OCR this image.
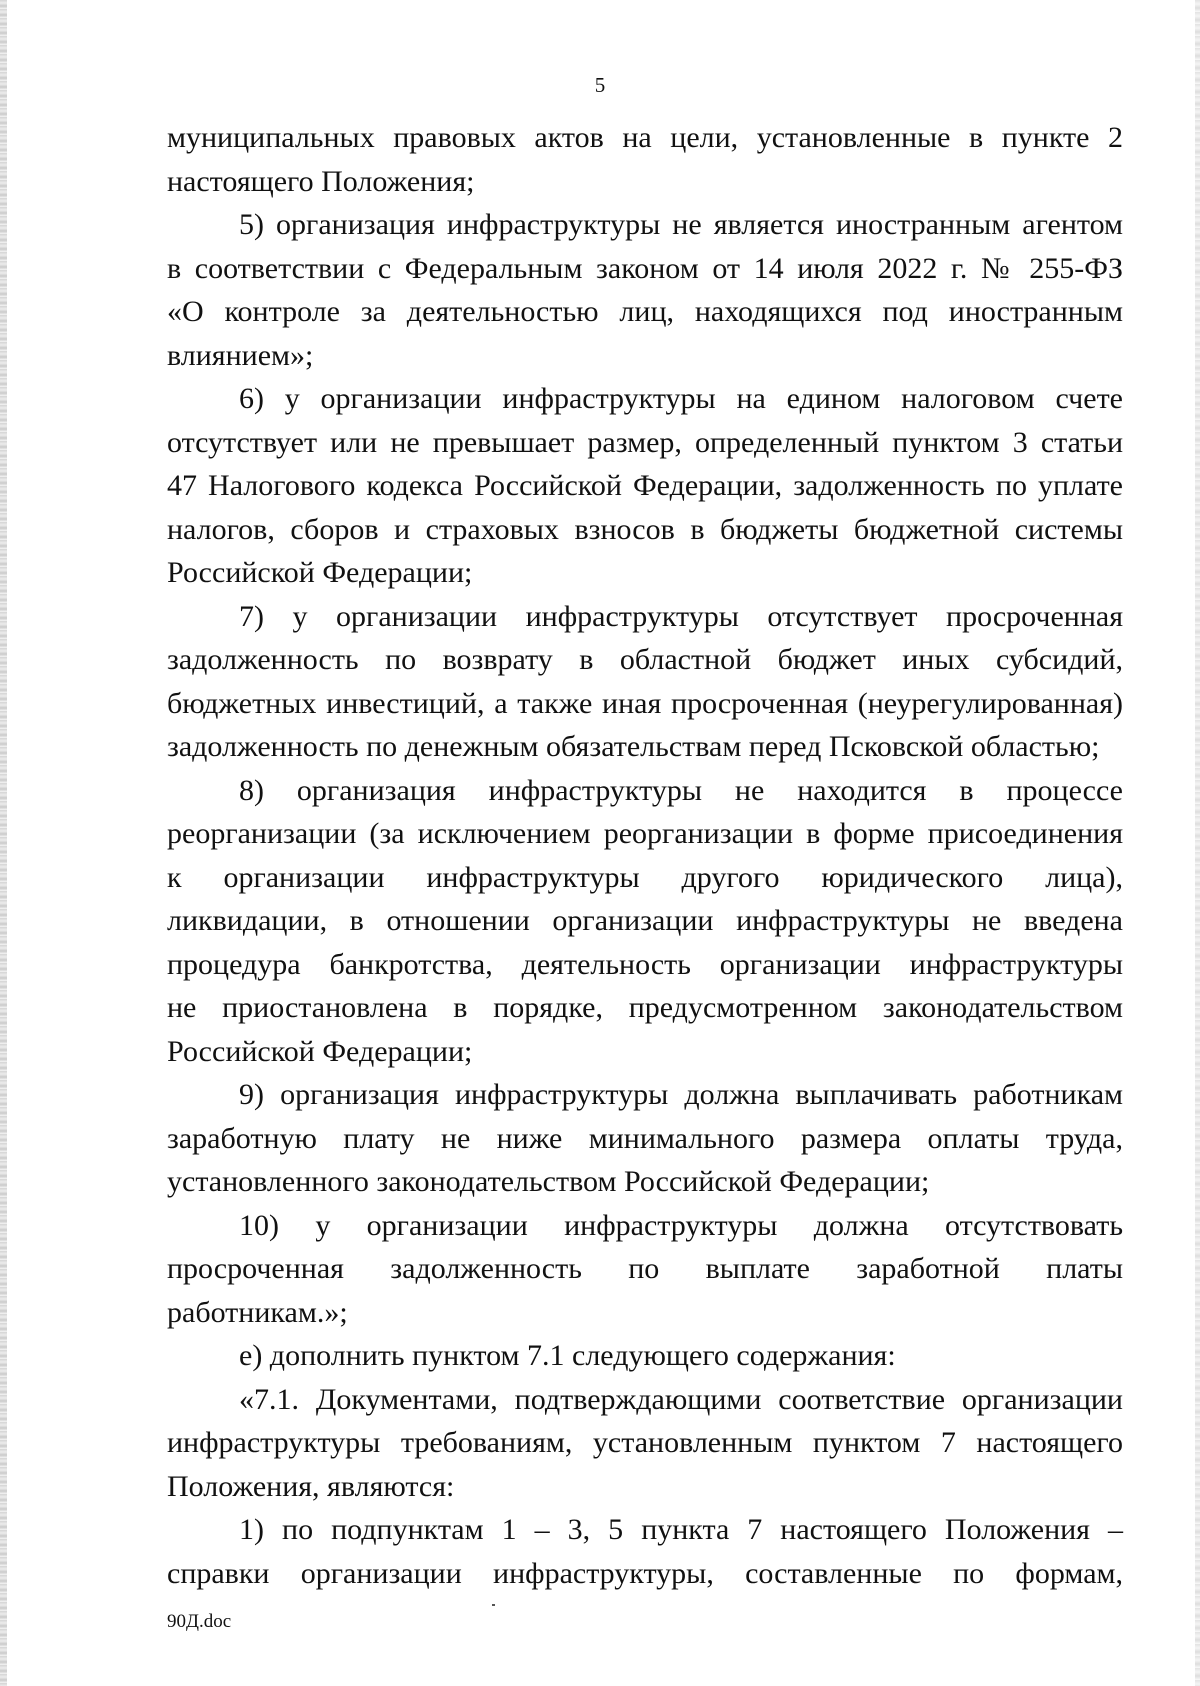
5

муниципальных правовых актов на цели, установленные в пункте 2
настоящего Положения;

5) организация инфраструктуры не является иностранным агентом
в соответствии с Федеральным законом от 14 июля 2022 г. № 255-ФЗ
«О контроле за деятельностью лиц, находящихся под иностранным
влиянием»;

6) у организации инфраструктуры на едином налоговом счете
отсутствует или не превышает размер, определенный пунктом 3 статьи
47 Налогового кодекса Российской Федерации, задолженность по уплате
налогов, сборов и страховых взносов в бюджеты бюджетной системы
Российской Федерации;

7) у организации инфраструктуры отсутствует просроченная
задолженность по возврату в областной бюджет иных субсидий,
бюджетных инвестиций, а также иная просроченная (неурегулированная)
задолженность по денежным обязательствам перед Псковской областью;

8) организация инфраструктуры не находится в процессе
реорганизации (за исключением реорганизации в форме присоединения
к организации инфраструктуры другого юридического лица),
ликвидации, в отношении организации инфраструктуры не введена
процедура банкротства, деятельность организации инфраструктуры
не приостановлена в порядке, предусмотренном законодательством
Российской Федерации;

9) организация инфраструктуры должна выплачивать работникам
заработную плату не ниже минимального размера оплаты труда,
установленного законодательством Российской Федерации;

10) у организации инфраструктуры должна отсутствовать
просроченная задолженность по выплате заработной платы
работникам.»;

е) дополнить пунктом 7.1 следующего содержания:

«7.1. Документами, подтверждающими соответствие организации
инфраструктуры требованиям, установленным пунктом 7 настоящего
Положения, являются:

1) по подпунктам 1 – 3, 5 пункта 7 настоящего Положения –
справки организации инфраструктуры, составленные по формам,

90Д.doc
